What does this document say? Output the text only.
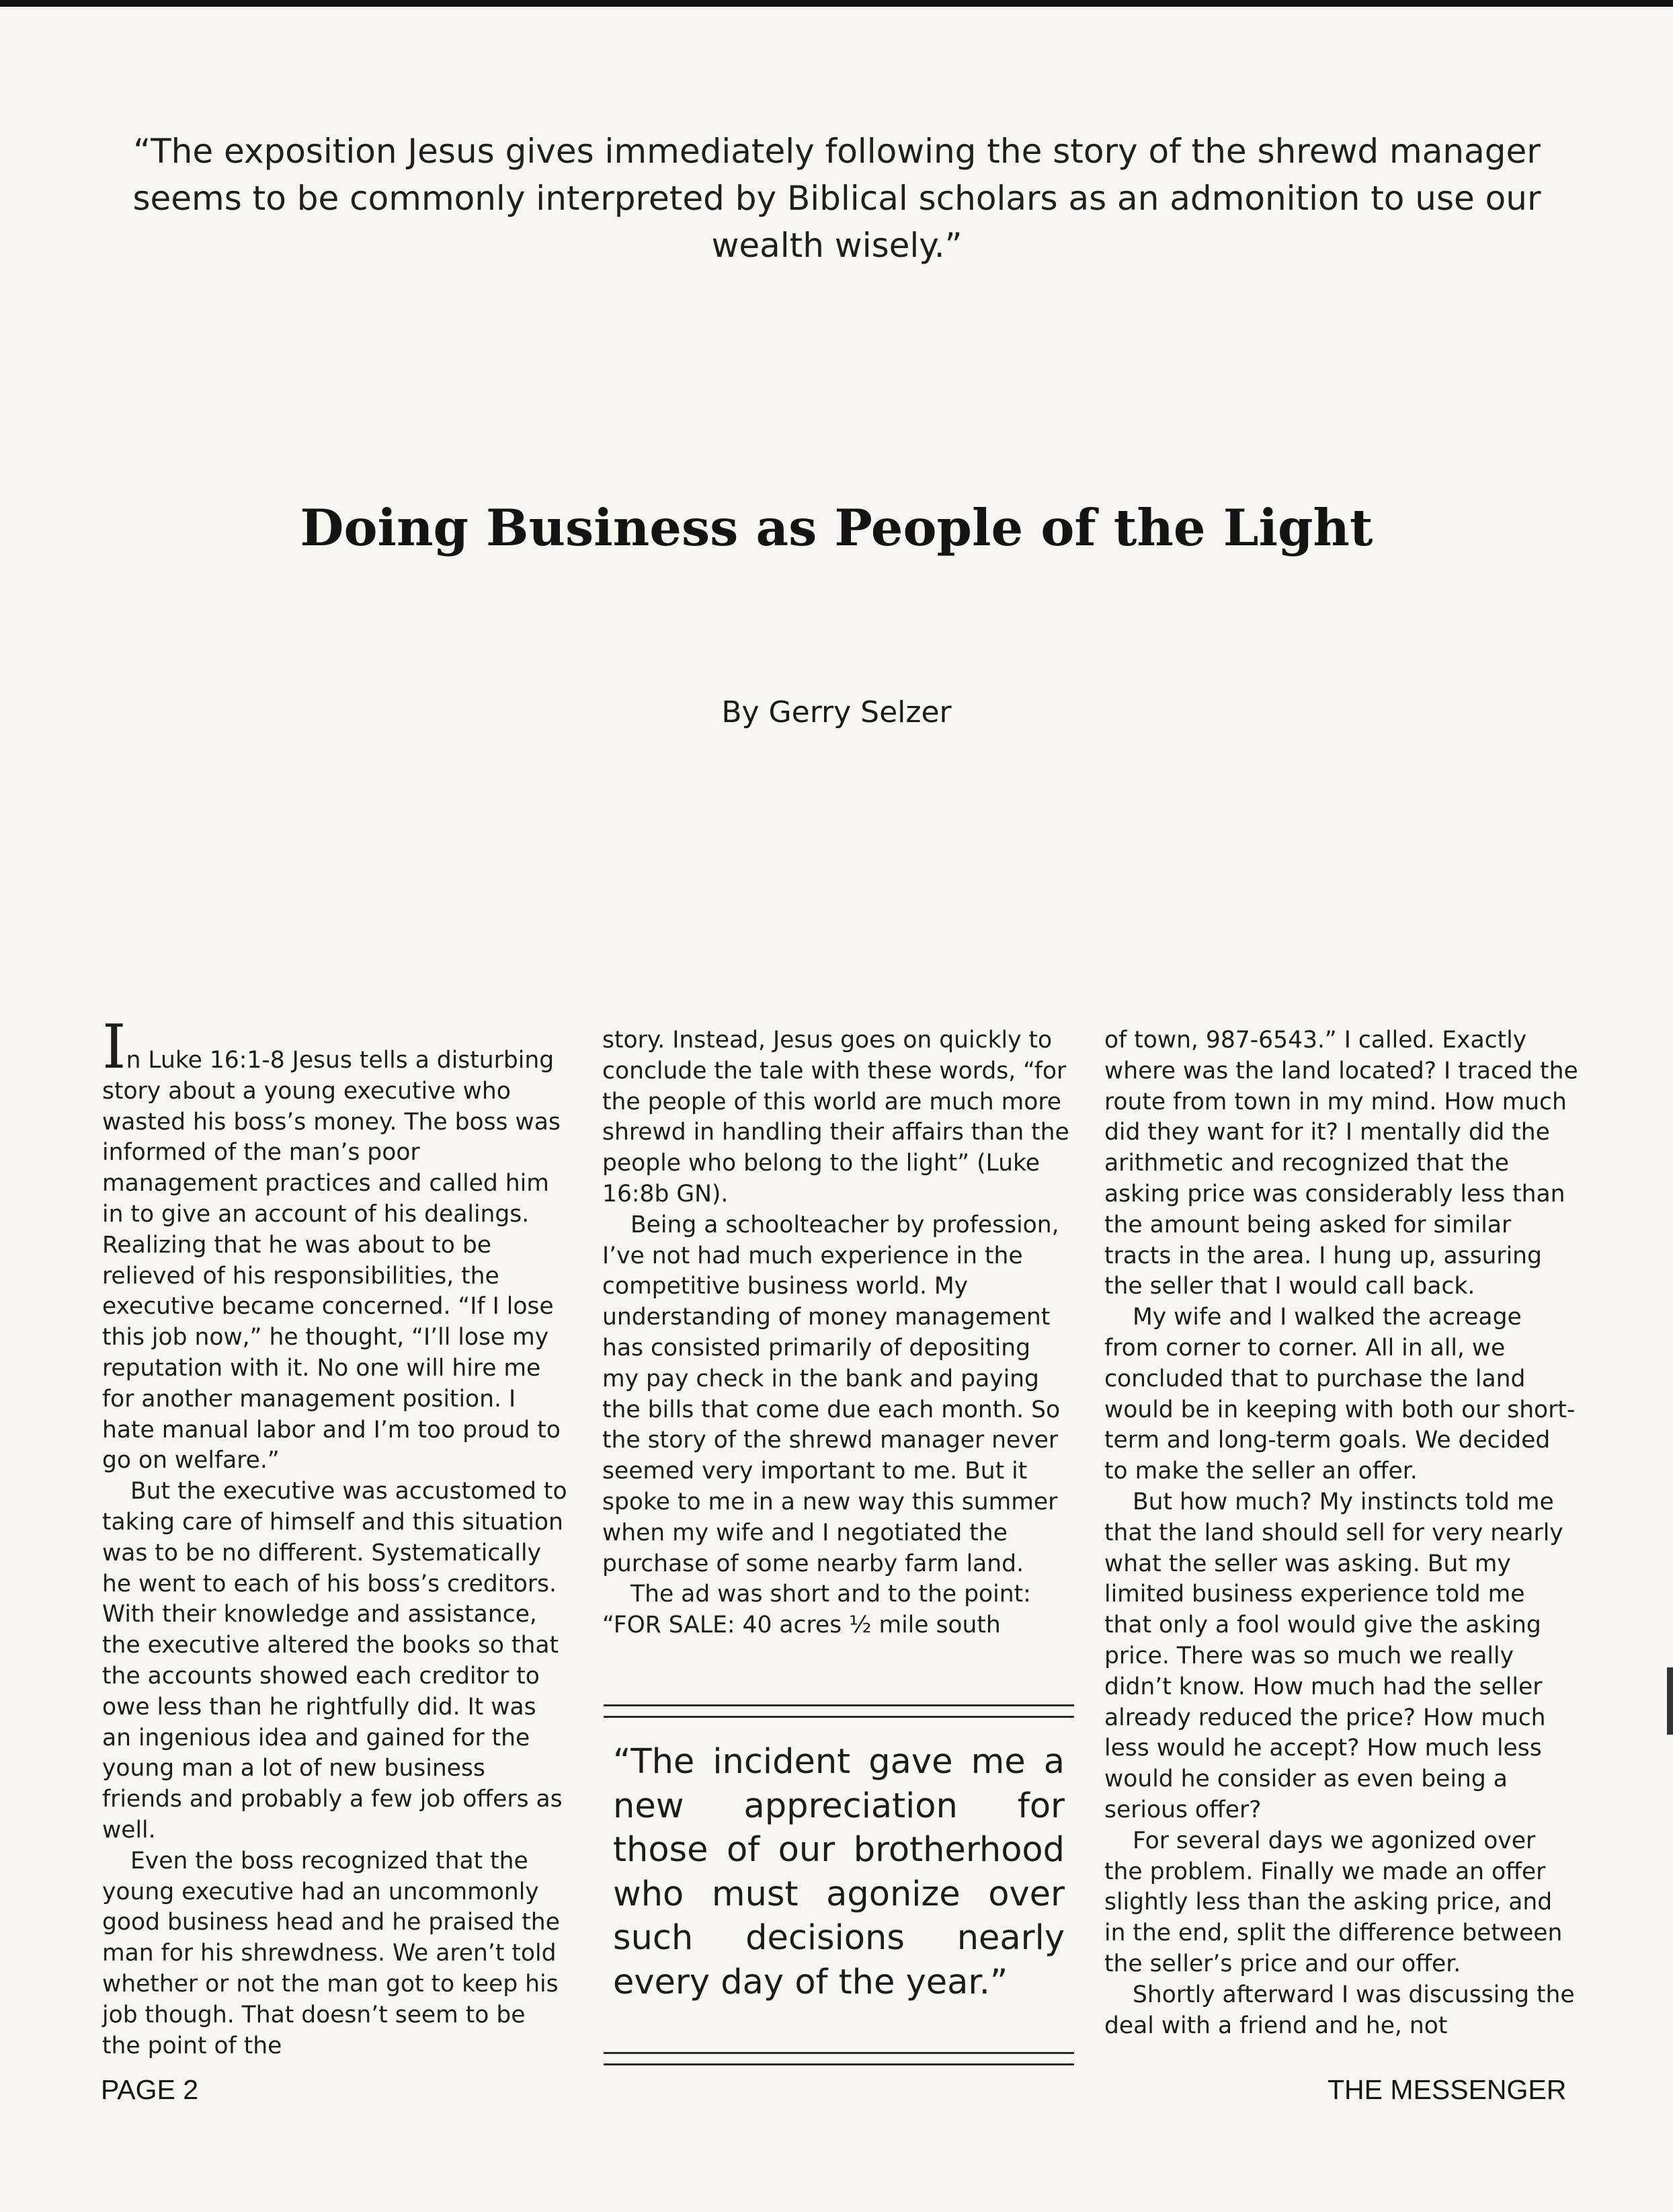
“The exposition Jesus gives immediately following the story of the shrewd manager seems to be commonly interpreted by Biblical scholars as an admonition to use our wealth wisely.”

Doing Business as People of the Light

By Gerry Selzer

In Luke 16:1-8 Jesus tells a disturbing story about a young executive who wasted his boss’s money. The boss was informed of the man’s poor management practices and called him in to give an account of his dealings. Realizing that he was about to be relieved of his responsibilities, the executive became concerned. “If I lose this job now,” he thought, “I’ll lose my reputation with it. No one will hire me for another management position. I hate manual labor and I’m too proud to go on welfare.”

But the executive was accustomed to taking care of himself and this situation was to be no different. Systematically he went to each of his boss’s creditors. With their knowledge and assistance, the executive altered the books so that the accounts showed each creditor to owe less than he rightfully did. It was an ingenious idea and gained for the young man a lot of new business friends and probably a few job offers as well.

Even the boss recognized that the young executive had an uncommonly good business head and he praised the man for his shrewdness. We aren’t told whether or not the man got to keep his job though. That doesn’t seem to be the point of the

story. Instead, Jesus goes on quickly to conclude the tale with these words, “for the people of this world are much more shrewd in handling their affairs than the people who belong to the light” (Luke 16:8b GN).

Being a schoolteacher by profession, I’ve not had much experience in the competitive business world. My understanding of money management has consisted primarily of depositing my pay check in the bank and paying the bills that come due each month. So the story of the shrewd manager never seemed very important to me. But it spoke to me in a new way this summer when my wife and I negotiated the purchase of some nearby farm land.

The ad was short and to the point: “FOR SALE: 40 acres ½ mile south

“The incident gave me a new appreciation for those of our brotherhood who must agonize over such decisions nearly every day of the year.”

of town, 987-6543.” I called. Exactly where was the land located? I traced the route from town in my mind. How much did they want for it? I mentally did the arithmetic and recognized that the asking price was considerably less than the amount being asked for similar tracts in the area. I hung up, assuring the seller that I would call back.

My wife and I walked the acreage from corner to corner. All in all, we concluded that to purchase the land would be in keeping with both our short-term and long-term goals. We decided to make the seller an offer.

But how much? My instincts told me that the land should sell for very nearly what the seller was asking. But my limited business experience told me that only a fool would give the asking price. There was so much we really didn’t know. How much had the seller already reduced the price? How much less would he accept? How much less would he consider as even being a serious offer?

For several days we agonized over the problem. Finally we made an offer slightly less than the asking price, and in the end, split the difference between the seller’s price and our offer.

Shortly afterward I was discussing the deal with a friend and he, not

PAGE 2	THE MESSENGER
